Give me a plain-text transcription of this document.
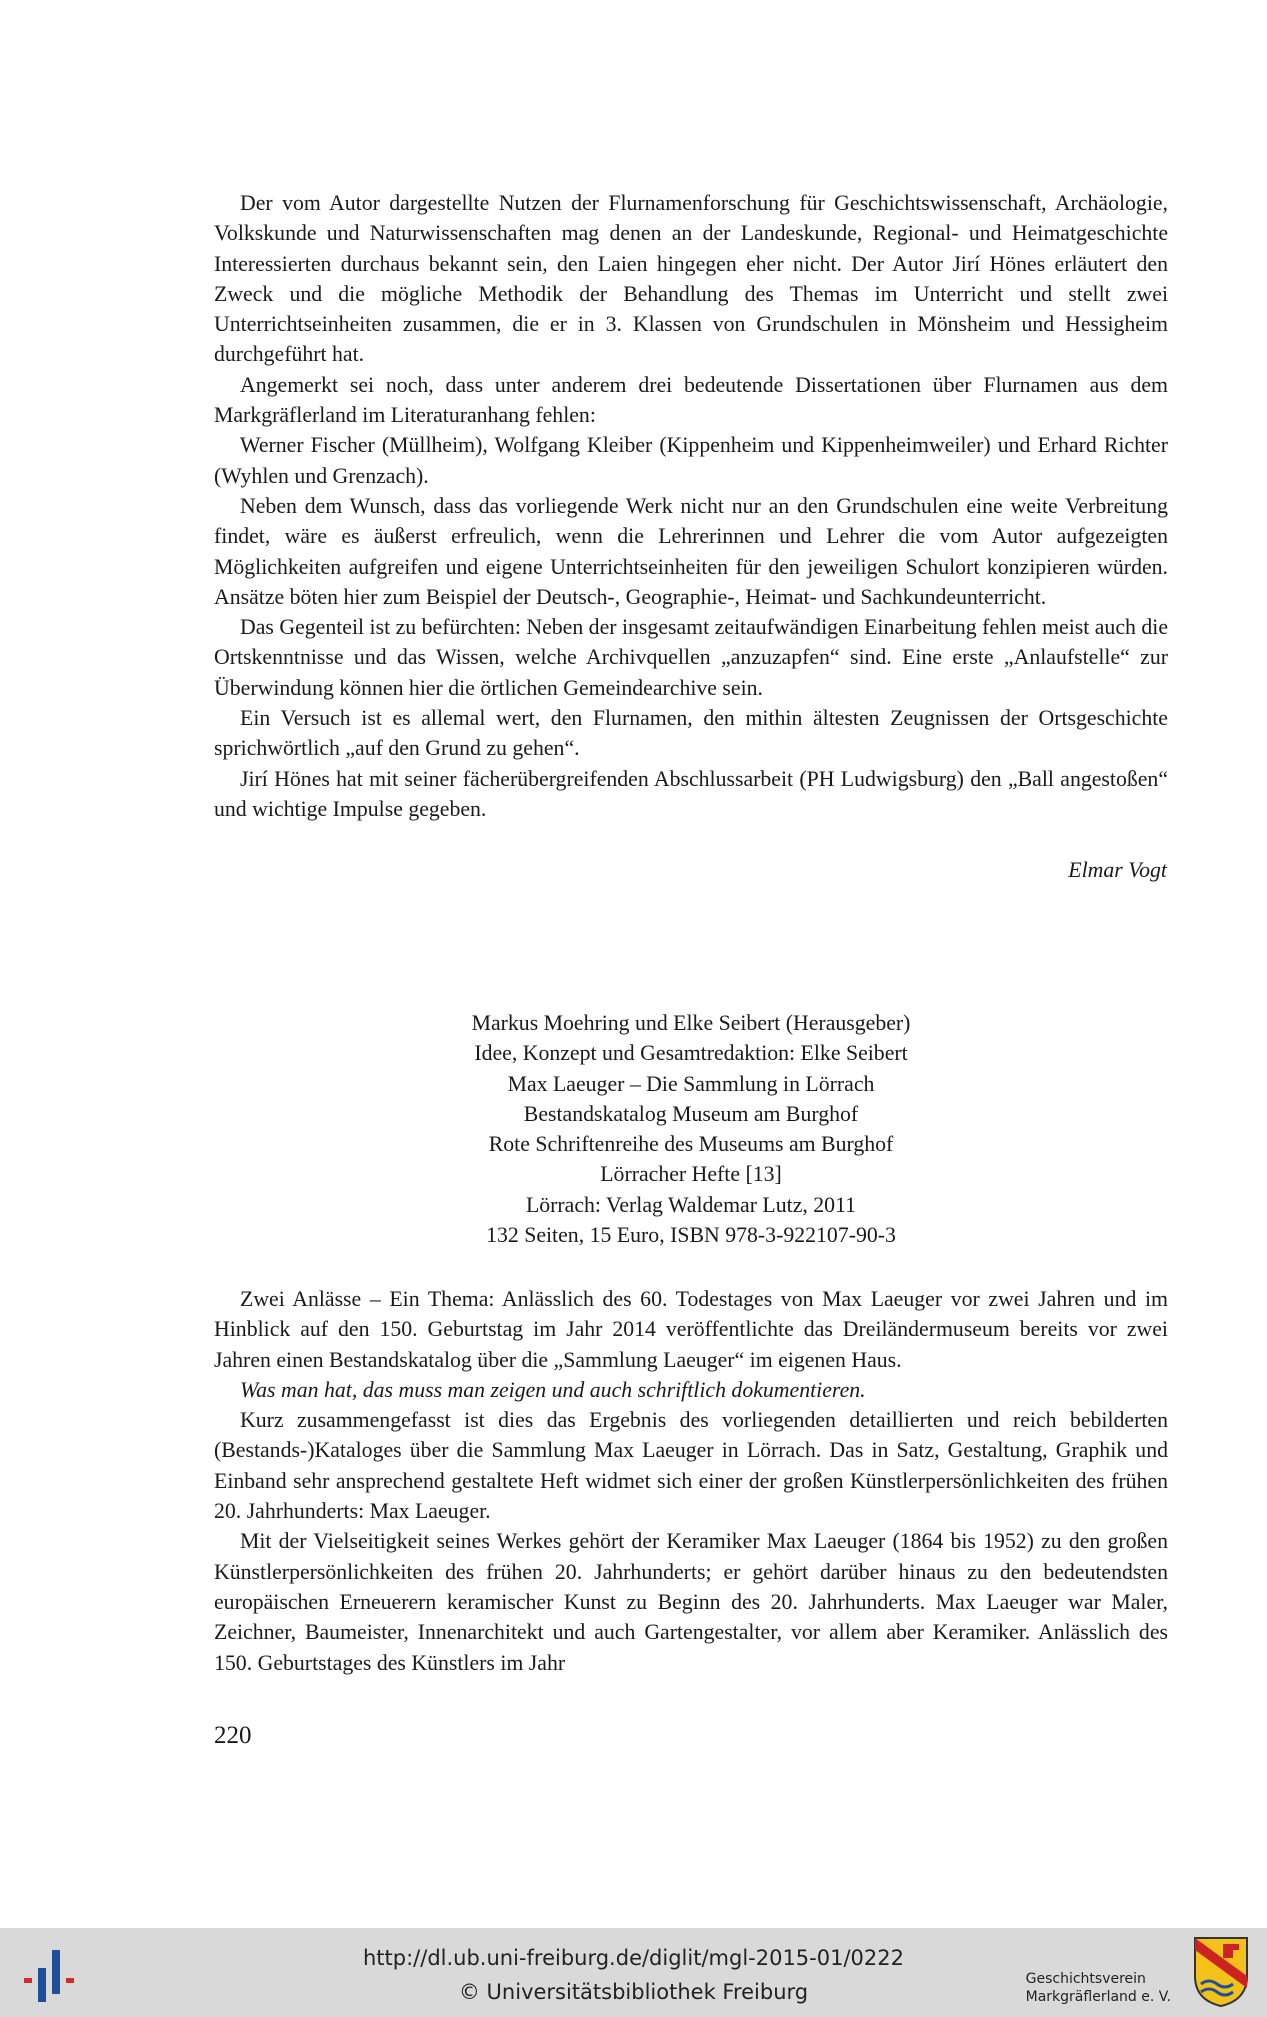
Der vom Autor dargestellte Nutzen der Flurnamenforschung für Geschichtswissenschaft, Archäologie, Volkskunde und Naturwissenschaften mag denen an der Landeskunde, Regional- und Heimatgeschichte Interessierten durchaus bekannt sein, den Laien hingegen eher nicht. Der Autor Jirí Hönes erläutert den Zweck und die mögliche Methodik der Behandlung des Themas im Unterricht und stellt zwei Unterrichtseinheiten zusammen, die er in 3. Klassen von Grundschulen in Mönsheim und Hessigheim durchgeführt hat.

Angemerkt sei noch, dass unter anderem drei bedeutende Dissertationen über Flurnamen aus dem Markgräflerland im Literaturanhang fehlen:

Werner Fischer (Müllheim), Wolfgang Kleiber (Kippenheim und Kippenheimweiler) und Erhard Richter (Wyhlen und Grenzach).

Neben dem Wunsch, dass das vorliegende Werk nicht nur an den Grundschulen eine weite Verbreitung findet, wäre es äußerst erfreulich, wenn die Lehrerinnen und Lehrer die vom Autor aufgezeigten Möglichkeiten aufgreifen und eigene Unterrichtseinheiten für den jeweiligen Schulort konzipieren würden. Ansätze böten hier zum Beispiel der Deutsch-, Geographie-, Heimat- und Sachkundeunterricht.

Das Gegenteil ist zu befürchten: Neben der insgesamt zeitaufwändigen Einarbeitung fehlen meist auch die Ortskenntnisse und das Wissen, welche Archivquellen „anzuzapfen“ sind. Eine erste „Anlaufstelle“ zur Überwindung können hier die örtlichen Gemeindearchive sein.

Ein Versuch ist es allemal wert, den Flurnamen, den mithin ältesten Zeugnissen der Ortsgeschichte sprichwörtlich „auf den Grund zu gehen“.

Jirí Hönes hat mit seiner fächerübergreifenden Abschlussarbeit (PH Ludwigsburg) den „Ball angestoßen“ und wichtige Impulse gegeben.

Elmar Vogt
Markus Moehring und Elke Seibert (Herausgeber)
Idee, Konzept und Gesamtredaktion: Elke Seibert
Max Laeuger – Die Sammlung in Lörrach
Bestandskatalog Museum am Burghof
Rote Schriftenreihe des Museums am Burghof
Lörracher Hefte [13]
Lörrach: Verlag Waldemar Lutz, 2011
132 Seiten, 15 Euro, ISBN 978-3-922107-90-3

Zwei Anlässe – Ein Thema: Anlässlich des 60. Todestages von Max Laeuger vor zwei Jahren und im Hinblick auf den 150. Geburtstag im Jahr 2014 veröffentlichte das Dreiländermuseum bereits vor zwei Jahren einen Bestandskatalog über die „Sammlung Laeuger“ im eigenen Haus.

Was man hat, das muss man zeigen und auch schriftlich dokumentieren.

Kurz zusammengefasst ist dies das Ergebnis des vorliegenden detaillierten und reich bebilderten (Bestands-)Kataloges über die Sammlung Max Laeuger in Lörrach. Das in Satz, Gestaltung, Graphik und Einband sehr ansprechend gestaltete Heft widmet sich einer der großen Künstlerpersönlichkeiten des frühen 20. Jahrhunderts: Max Laeuger.

Mit der Vielseitigkeit seines Werkes gehört der Keramiker Max Laeuger (1864 bis 1952) zu den großen Künstlerpersönlichkeiten des frühen 20. Jahrhunderts; er gehört darüber hinaus zu den bedeutendsten europäischen Erneuerern keramischer Kunst zu Beginn des 20. Jahrhunderts. Max Laeuger war Maler, Zeichner, Baumeister, Innenarchitekt und auch Gartengestalter, vor allem aber Keramiker. Anlässlich des 150. Geburtstages des Künstlers im Jahr

220
http://dl.ub.uni-freiburg.de/diglit/mgl-2015-01/0222
© Universitätsbibliothek Freiburg
Geschichtsverein
Markgräflerland e. V.
